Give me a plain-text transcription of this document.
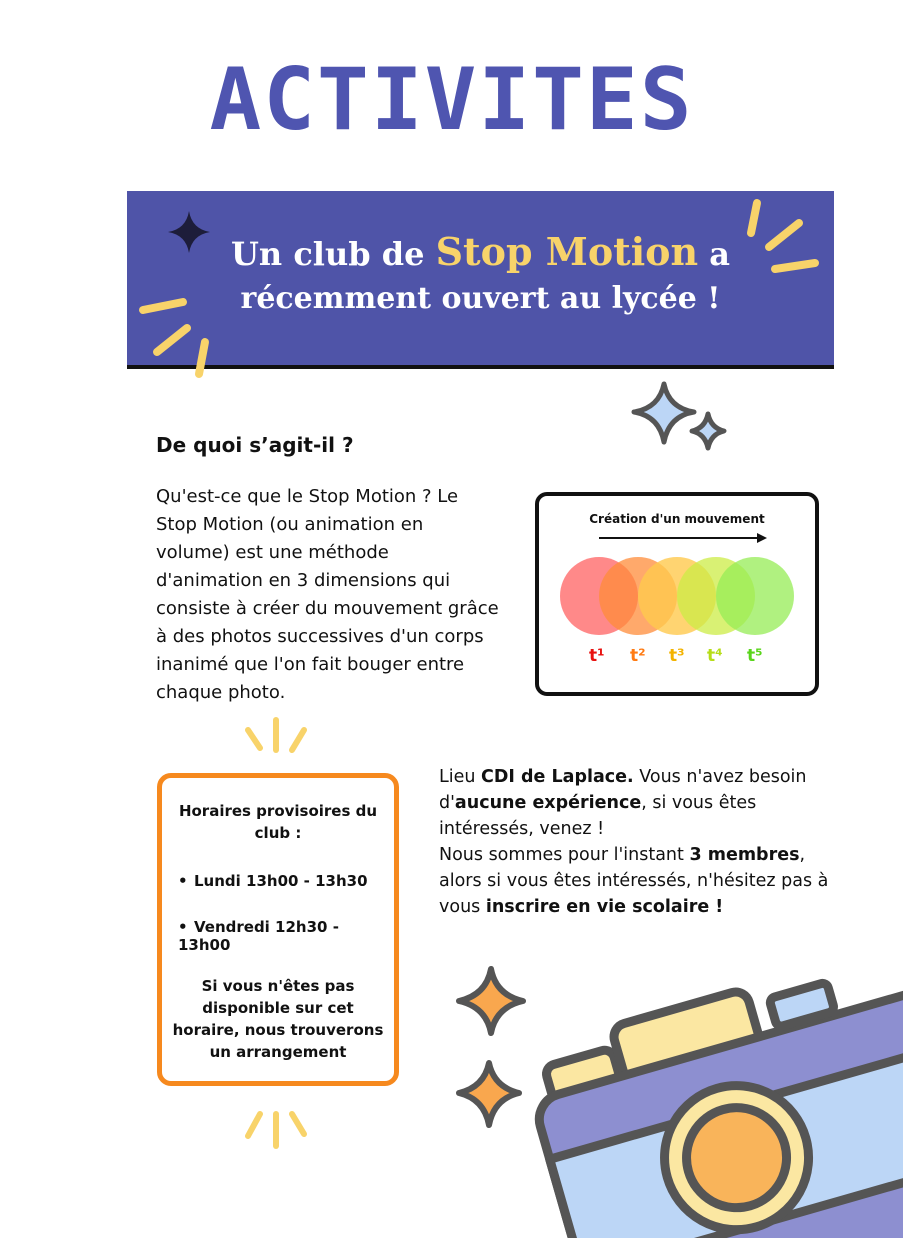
ACTIVITES
Un club de Stop Motion a
récemment ouvert au lycée !
De quoi s’agit-il ?
Qu'est-ce que le Stop Motion ? Le Stop Motion (ou animation en volume) est une méthode d'animation en 3 dimensions qui consiste à créer du mouvement grâce à des photos successives d'un corps inanimé que l'on fait bouger entre chaque photo.
Création d'un mouvement
t¹ t² t³ t⁴ t⁵
Horaires provisoires du club :
• Lundi 13h00 - 13h30
• Vendredi 12h30 - 13h00
Si vous n'êtes pas disponible sur cet horaire, nous trouverons un arrangement
Lieu CDI de Laplace. Vous n'avez besoin d'aucune expérience, si vous êtes intéressés, venez !
Nous sommes pour l'instant 3 membres, alors si vous êtes intéressés, n'hésitez pas à vous inscrire en vie scolaire !
